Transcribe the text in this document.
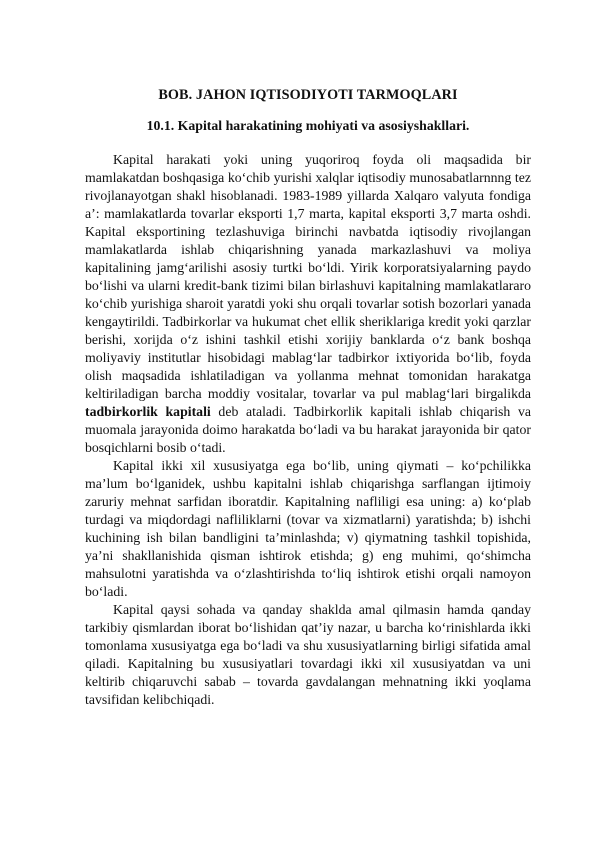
BOB. JAHON IQTISODIYOTI TARMOQLARI
10.1. Kapital harakatining mohiyati va asosiyshakllari.

Kapital harakati yoki uning yuqoriroq foyda oli maqsadida bir mamlakatdan boshqasiga ko‘chib yurishi xalqlar iqtisodiy munosabatlarnnng tez rivojlanayotgan shakl hisoblanadi. 1983-1989 yillarda Xalqaro valyuta fondiga a’: mamlakatlarda tovarlar eksporti 1,7 marta, kapital eksporti 3,7 marta oshdi. Kapital eksportining tezlashuviga birinchi navbatda iqtisodiy rivojlangan mamlakatlarda ishlab chiqarishning yanada markazlashuvi va moliya kapitalining jamg‘arilishi asosiy turtki bo‘ldi. Yirik korporatsiyalarning paydo bo‘lishi va ularni kredit-bank tizimi bilan birlashuvi kapitalning mamlakatlararo ko‘chib yurishiga sharoit yaratdi yoki shu orqali tovarlar sotish bozorlari yanada kengaytirildi. Tadbirkorlar va hukumat chet ellik sheriklariga kredit yoki qarzlar berishi, xorijda o‘z ishini tashkil etishi xorijiy banklarda o‘z bank boshqa moliyaviy institutlar hisobidagi mablag‘lar tadbirkor ixtiyorida bo‘lib, foyda olish maqsadida ishlatiladigan va yollanma mehnat tomonidan harakatga keltiriladigan barcha moddiy vositalar, tovarlar va pul mablag‘lari birgalikda tadbirkorlik kapitali deb ataladi. Tadbirkorlik kapitali ishlab chiqarish va muomala jarayonida doimo harakatda bo‘ladi va bu harakat jarayonida bir qator bosqichlarni bosib o‘tadi.

Kapital ikki xil xususiyatga ega bo‘lib, uning qiymati – ko‘pchilikka ma’lum bo‘lganidek, ushbu kapitalni ishlab chiqarishga sarflangan ijtimoiy zaruriy mehnat sarfidan iboratdir. Kapitalning nafliligi esa uning: a) ko‘plab turdagi va miqdordagi nafliliklarni (tovar va xizmatlarni) yaratishda; b) ishchi kuchining ish bilan bandligini ta’minlashda; v) qiymatning tashkil topishida, ya’ni shakllanishida qisman ishtirok etishda; g) eng muhimi, qo‘shimcha mahsulotni yaratishda va o‘zlashtirishda to‘liq ishtirok etishi orqali namoyon bo‘ladi.

Kapital qaysi sohada va qanday shaklda amal qilmasin hamda qanday tarkibiy qismlardan iborat bo‘lishidan qat’iy nazar, u barcha ko‘rinishlarda ikki tomonlama xususiyatga ega bo‘ladi va shu xususiyatlarning birligi sifatida amal qiladi. Kapitalning bu xususiyatlari tovardagi ikki xil xususiyatdan va uni keltirib chiqaruvchi sabab – tovarda gavdalangan mehnatning ikki yoqlama tavsifidan kelibchiqadi.
